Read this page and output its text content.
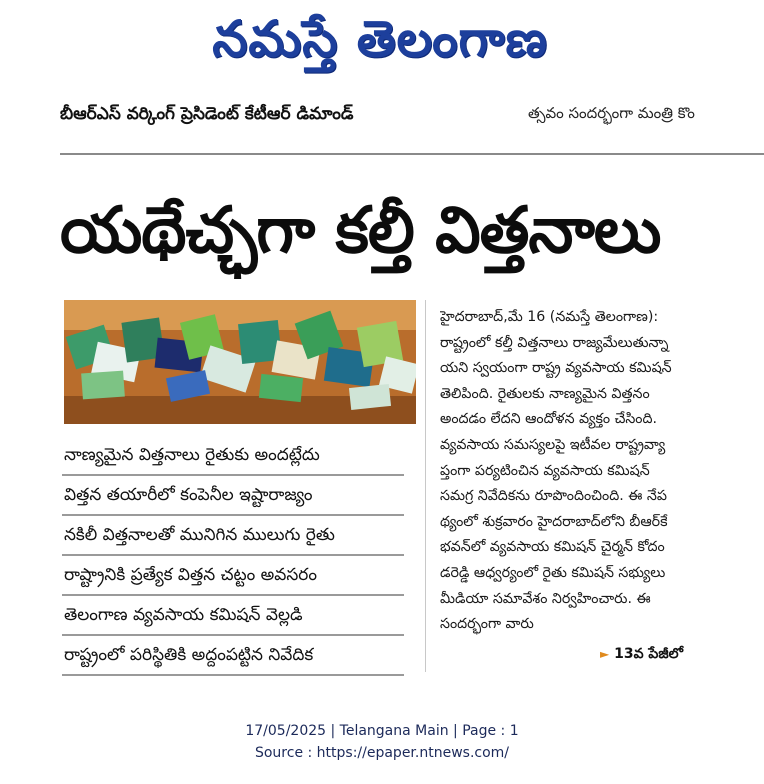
నమస్తే తెలంగాణ
బీఆర్‌ఎస్ వర్కింగ్ ప్రెసిడెంట్ కేటీఆర్ డిమాండ్	త్సవం సందర్భంగా మంత్రి కొం
యథేచ్ఛగా కల్తీ విత్తనాలు
నాణ్యమైన విత్తనాలు రైతుకు అందట్లేదు
విత్తన తయారీలో కంపెనీల ఇష్టారాజ్యం
నకిలీ విత్తనాలతో మునిగిన ములుగు రైతు
రాష్ట్రానికి ప్రత్యేక విత్తన చట్టం అవసరం
తెలంగాణ వ్యవసాయ కమిషన్ వెల్లడి
రాష్ట్రంలో పరిస్థితికి అద్దంపట్టిన నివేదిక
హైదరాబాద్,మే 16 (నమస్తే తెలంగాణ):
రాష్ట్రంలో కల్తీ విత్తనాలు రాజ్యమేలుతున్నా
యని స్వయంగా రాష్ట్ర వ్యవసాయ కమిషన్
తెలిపింది. రైతులకు నాణ్యమైన విత్తనం
అందడం లేదని ఆందోళన వ్యక్తం చేసింది.
వ్యవసాయ సమస్యలపై ఇటీవల రాష్ట్రవ్యా
ప్తంగా పర్యటించిన వ్యవసాయ కమిషన్
సమగ్ర నివేదికను రూపొందించింది. ఈ నేప
థ్యంలో శుక్రవారం హైదరాబాద్‌లోని బీఆర్‌కే
భవన్‌లో వ్యవసాయ కమిషన్ చైర్మన్ కోదం
డరెడ్డి ఆధ్వర్యంలో రైతు కమిషన్ సభ్యులు
మీడియా సమావేశం నిర్వహించారు. ఈ
సందర్భంగా వారు
► 13వ పేజీలో
17/05/2025 | Telangana Main | Page : 1
Source : https://epaper.ntnews.com/
